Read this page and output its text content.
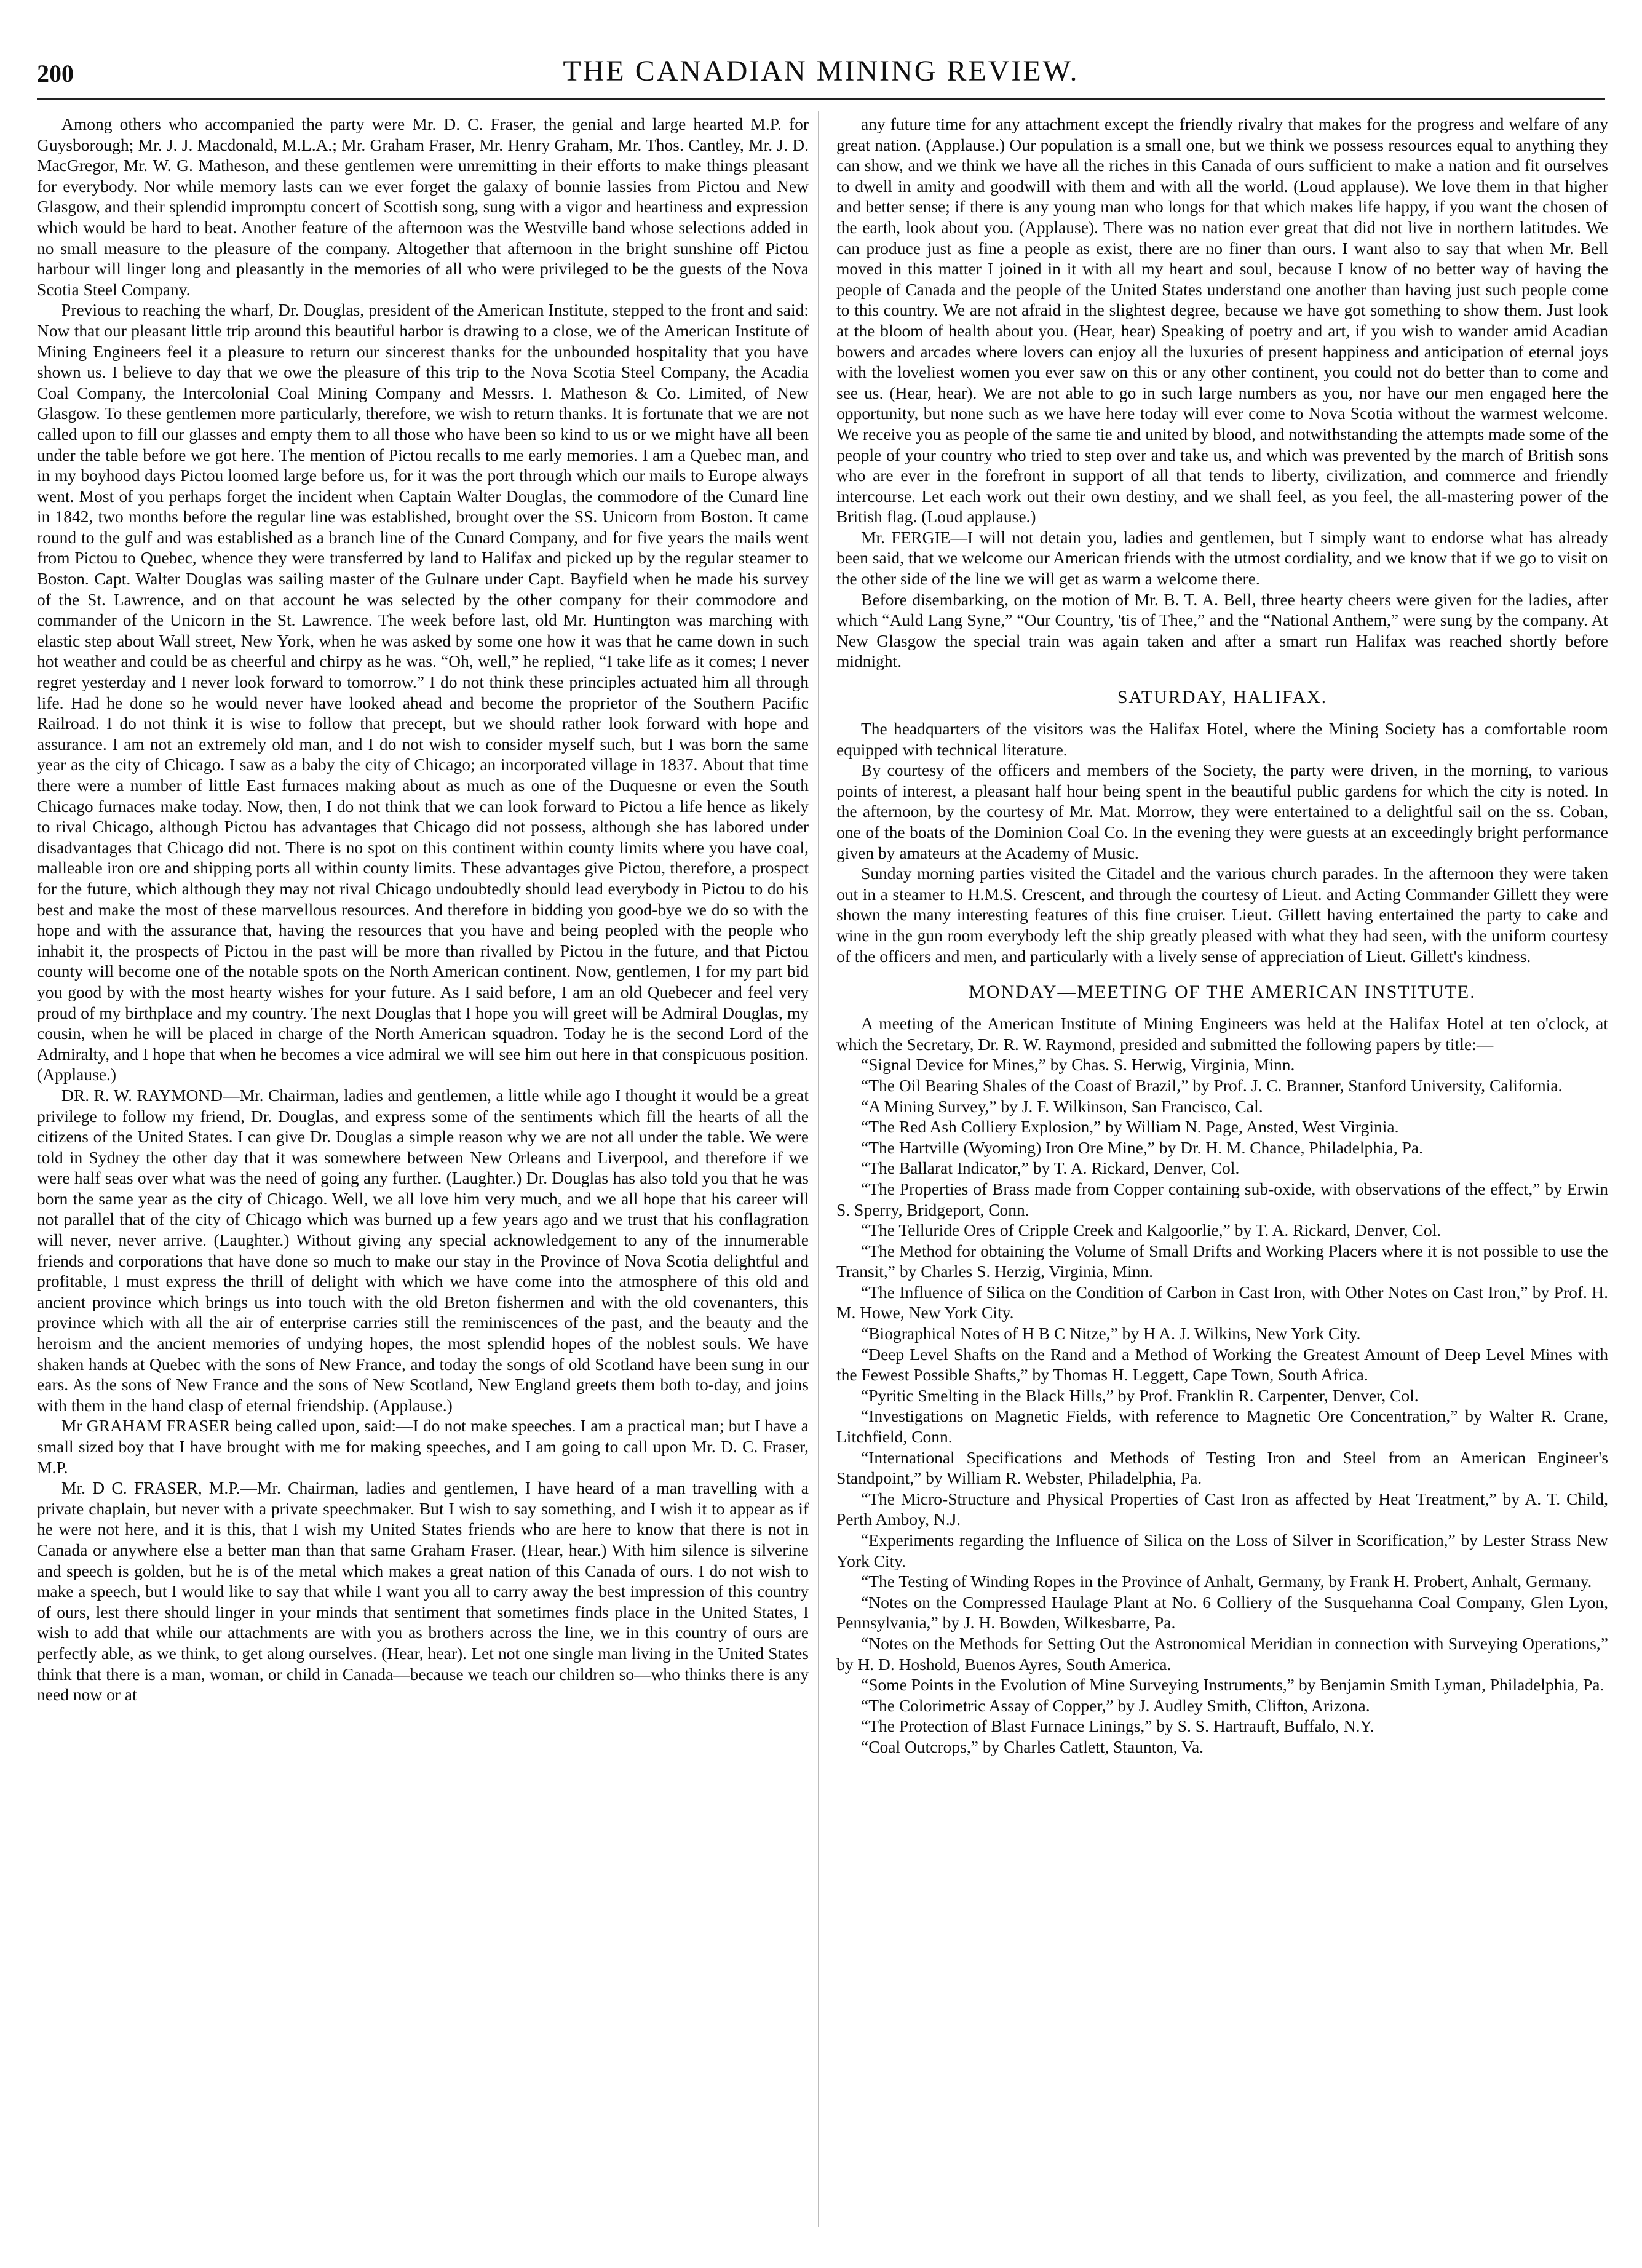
200	THE CANADIAN MINING REVIEW.

Among others who accompanied the party were Mr. D. C. Fraser, the genial and large hearted M.P. for Guysborough; Mr. J. J. Macdonald, M.L.A.; Mr. Graham Fraser, Mr. Henry Graham, Mr. Thos. Cantley, Mr. J. D. MacGregor, Mr. W. G. Matheson, and these gentlemen were unremitting in their efforts to make things pleasant for everybody. Nor while memory lasts can we ever forget the galaxy of bonnie lassies from Pictou and New Glasgow, and their splendid impromptu concert of Scottish song, sung with a vigor and heartiness and expression which would be hard to beat. Another feature of the afternoon was the Westville band whose selections added in no small measure to the pleasure of the company. Altogether that afternoon in the bright sunshine off Pictou harbour will linger long and pleasantly in the memories of all who were privileged to be the guests of the Nova Scotia Steel Company.

Previous to reaching the wharf, Dr. Douglas, president of the American Institute, stepped to the front and said: Now that our pleasant little trip around this beautiful harbor is drawing to a close, we of the American Institute of Mining Engineers feel it a pleasure to return our sincerest thanks for the unbounded hospitality that you have shown us. I believe to day that we owe the pleasure of this trip to the Nova Scotia Steel Company, the Acadia Coal Company, the Intercolonial Coal Mining Company and Messrs. I. Matheson & Co. Limited, of New Glasgow. To these gentlemen more particularly, therefore, we wish to return thanks. It is fortunate that we are not called upon to fill our glasses and empty them to all those who have been so kind to us or we might have all been under the table before we got here. The mention of Pictou recalls to me early memories. I am a Quebec man, and in my boyhood days Pictou loomed large before us, for it was the port through which our mails to Europe always went. Most of you perhaps forget the incident when Captain Walter Douglas, the commodore of the Cunard line in 1842, two months before the regular line was established, brought over the SS. Unicorn from Boston. It came round to the gulf and was established as a branch line of the Cunard Company, and for five years the mails went from Pictou to Quebec, whence they were transferred by land to Halifax and picked up by the regular steamer to Boston. Capt. Walter Douglas was sailing master of the Gulnare under Capt. Bayfield when he made his survey of the St. Lawrence, and on that account he was selected by the other company for their commodore and commander of the Unicorn in the St. Lawrence. The week before last, old Mr. Huntington was marching with elastic step about Wall street, New York, when he was asked by some one how it was that he came down in such hot weather and could be as cheerful and chirpy as he was. “Oh, well,” he replied, “I take life as it comes; I never regret yesterday and I never look forward to tomorrow.” I do not think these principles actuated him all through life. Had he done so he would never have looked ahead and become the proprietor of the Southern Pacific Railroad. I do not think it is wise to follow that precept, but we should rather look forward with hope and assurance. I am not an extremely old man, and I do not wish to consider myself such, but I was born the same year as the city of Chicago. I saw as a baby the city of Chicago; an incorporated village in 1837. About that time there were a number of little East furnaces making about as much as one of the Duquesne or even the South Chicago furnaces make today. Now, then, I do not think that we can look forward to Pictou a life hence as likely to rival Chicago, although Pictou has advantages that Chicago did not possess, although she has labored under disadvantages that Chicago did not. There is no spot on this continent within county limits where you have coal, malleable iron ore and shipping ports all within county limits. These advantages give Pictou, therefore, a prospect for the future, which although they may not rival Chicago undoubtedly should lead everybody in Pictou to do his best and make the most of these marvellous resources. And therefore in bidding you good-bye we do so with the hope and with the assurance that, having the resources that you have and being peopled with the people who inhabit it, the prospects of Pictou in the past will be more than rivalled by Pictou in the future, and that Pictou county will become one of the notable spots on the North American continent. Now, gentlemen, I for my part bid you good by with the most hearty wishes for your future. As I said before, I am an old Quebecer and feel very proud of my birthplace and my country. The next Douglas that I hope you will greet will be Admiral Douglas, my cousin, when he will be placed in charge of the North American squadron. Today he is the second Lord of the Admiralty, and I hope that when he becomes a vice admiral we will see him out here in that conspicuous position. (Applause.)

DR. R. W. RAYMOND—Mr. Chairman, ladies and gentlemen, a little while ago I thought it would be a great privilege to follow my friend, Dr. Douglas, and express some of the sentiments which fill the hearts of all the citizens of the United States. I can give Dr. Douglas a simple reason why we are not all under the table. We were told in Sydney the other day that it was somewhere between New Orleans and Liverpool, and therefore if we were half seas over what was the need of going any further. (Laughter.) Dr. Douglas has also told you that he was born the same year as the city of Chicago. Well, we all love him very much, and we all hope that his career will not parallel that of the city of Chicago which was burned up a few years ago and we trust that his conflagration will never, never arrive. (Laughter.) Without giving any special acknowledgement to any of the innumerable friends and corporations that have done so much to make our stay in the Province of Nova Scotia delightful and profitable, I must express the thrill of delight with which we have come into the atmosphere of this old and ancient province which brings us into touch with the old Breton fishermen and with the old covenanters, this province which with all the air of enterprise carries still the reminiscences of the past, and the beauty and the heroism and the ancient memories of undying hopes, the most splendid hopes of the noblest souls. We have shaken hands at Quebec with the sons of New France, and today the songs of old Scotland have been sung in our ears. As the sons of New France and the sons of New Scotland, New England greets them both to-day, and joins with them in the hand clasp of eternal friendship. (Applause.)

Mr GRAHAM FRASER being called upon, said:—I do not make speeches. I am a practical man; but I have a small sized boy that I have brought with me for making speeches, and I am going to call upon Mr. D. C. Fraser, M.P.

Mr. D C. FRASER, M.P.—Mr. Chairman, ladies and gentlemen, I have heard of a man travelling with a private chaplain, but never with a private speechmaker. But I wish to say something, and I wish it to appear as if he were not here, and it is this, that I wish my United States friends who are here to know that there is not in Canada or anywhere else a better man than that same Graham Fraser. (Hear, hear.) With him silence is silverine and speech is golden, but he is of the metal which makes a great nation of this Canada of ours. I do not wish to make a speech, but I would like to say that while I want you all to carry away the best impression of this country of ours, lest there should linger in your minds that sentiment that sometimes finds place in the United States, I wish to add that while our attachments are with you as brothers across the line, we in this country of ours are perfectly able, as we think, to get along ourselves. (Hear, hear). Let not one single man living in the United States think that there is a man, woman, or child in Canada—because we teach our children so—who thinks there is any need now or at

any future time for any attachment except the friendly rivalry that makes for the progress and welfare of any great nation. (Applause.) Our population is a small one, but we think we possess resources equal to anything they can show, and we think we have all the riches in this Canada of ours sufficient to make a nation and fit ourselves to dwell in amity and goodwill with them and with all the world. (Loud applause). We love them in that higher and better sense; if there is any young man who longs for that which makes life happy, if you want the chosen of the earth, look about you. (Applause). There was no nation ever great that did not live in northern latitudes. We can produce just as fine a people as exist, there are no finer than ours. I want also to say that when Mr. Bell moved in this matter I joined in it with all my heart and soul, because I know of no better way of having the people of Canada and the people of the United States understand one another than having just such people come to this country. We are not afraid in the slightest degree, because we have got something to show them. Just look at the bloom of health about you. (Hear, hear) Speaking of poetry and art, if you wish to wander amid Acadian bowers and arcades where lovers can enjoy all the luxuries of present happiness and anticipation of eternal joys with the loveliest women you ever saw on this or any other continent, you could not do better than to come and see us. (Hear, hear). We are not able to go in such large numbers as you, nor have our men engaged here the opportunity, but none such as we have here today will ever come to Nova Scotia without the warmest welcome. We receive you as people of the same tie and united by blood, and notwithstanding the attempts made some of the people of your country who tried to step over and take us, and which was prevented by the march of British sons who are ever in the forefront in support of all that tends to liberty, civilization, and commerce and friendly intercourse. Let each work out their own destiny, and we shall feel, as you feel, the all-mastering power of the British flag. (Loud applause.)

Mr. FERGIE—I will not detain you, ladies and gentlemen, but I simply want to endorse what has already been said, that we welcome our American friends with the utmost cordiality, and we know that if we go to visit on the other side of the line we will get as warm a welcome there.

Before disembarking, on the motion of Mr. B. T. A. Bell, three hearty cheers were given for the ladies, after which “Auld Lang Syne,” “Our Country, 'tis of Thee,” and the “National Anthem,” were sung by the company. At New Glasgow the special train was again taken and after a smart run Halifax was reached shortly before midnight.

SATURDAY, HALIFAX.

The headquarters of the visitors was the Halifax Hotel, where the Mining Society has a comfortable room equipped with technical literature.

By courtesy of the officers and members of the Society, the party were driven, in the morning, to various points of interest, a pleasant half hour being spent in the beautiful public gardens for which the city is noted. In the afternoon, by the courtesy of Mr. Mat. Morrow, they were entertained to a delightful sail on the ss. Coban, one of the boats of the Dominion Coal Co. In the evening they were guests at an exceedingly bright performance given by amateurs at the Academy of Music.

Sunday morning parties visited the Citadel and the various church parades. In the afternoon they were taken out in a steamer to H.M.S. Crescent, and through the courtesy of Lieut. and Acting Commander Gillett they were shown the many interesting features of this fine cruiser. Lieut. Gillett having entertained the party to cake and wine in the gun room everybody left the ship greatly pleased with what they had seen, with the uniform courtesy of the officers and men, and particularly with a lively sense of appreciation of Lieut. Gillett's kindness.

MONDAY—MEETING OF THE AMERICAN INSTITUTE.

A meeting of the American Institute of Mining Engineers was held at the Halifax Hotel at ten o'clock, at which the Secretary, Dr. R. W. Raymond, presided and submitted the following papers by title:—

“Signal Device for Mines,” by Chas. S. Herwig, Virginia, Minn.

“The Oil Bearing Shales of the Coast of Brazil,” by Prof. J. C. Branner, Stanford University, California.

“A Mining Survey,” by J. F. Wilkinson, San Francisco, Cal.

“The Red Ash Colliery Explosion,” by William N. Page, Ansted, West Virginia.

“The Hartville (Wyoming) Iron Ore Mine,” by Dr. H. M. Chance, Philadelphia, Pa.

“The Ballarat Indicator,” by T. A. Rickard, Denver, Col.

“The Properties of Brass made from Copper containing sub-oxide, with observations of the effect,” by Erwin S. Sperry, Bridgeport, Conn.

“The Telluride Ores of Cripple Creek and Kalgoorlie,” by T. A. Rickard, Denver, Col.

“The Method for obtaining the Volume of Small Drifts and Working Placers where it is not possible to use the Transit,” by Charles S. Herzig, Virginia, Minn.

“The Influence of Silica on the Condition of Carbon in Cast Iron, with Other Notes on Cast Iron,” by Prof. H. M. Howe, New York City.

“Biographical Notes of H B C Nitze,” by H A. J. Wilkins, New York City.

“Deep Level Shafts on the Rand and a Method of Working the Greatest Amount of Deep Level Mines with the Fewest Possible Shafts,” by Thomas H. Leggett, Cape Town, South Africa.

“Pyritic Smelting in the Black Hills,” by Prof. Franklin R. Carpenter, Denver, Col.

“Investigations on Magnetic Fields, with reference to Magnetic Ore Concentration,” by Walter R. Crane, Litchfield, Conn.

“International Specifications and Methods of Testing Iron and Steel from an American Engineer's Standpoint,” by William R. Webster, Philadelphia, Pa.

“The Micro-Structure and Physical Properties of Cast Iron as affected by Heat Treatment,” by A. T. Child, Perth Amboy, N.J.

“Experiments regarding the Influence of Silica on the Loss of Silver in Scorification,” by Lester Strass New York City.

“The Testing of Winding Ropes in the Province of Anhalt, Germany, by Frank H. Probert, Anhalt, Germany.

“Notes on the Compressed Haulage Plant at No. 6 Colliery of the Susquehanna Coal Company, Glen Lyon, Pennsylvania,” by J. H. Bowden, Wilkesbarre, Pa.

“Notes on the Methods for Setting Out the Astronomical Meridian in connection with Surveying Operations,” by H. D. Hoshold, Buenos Ayres, South America.

“Some Points in the Evolution of Mine Surveying Instruments,” by Benjamin Smith Lyman, Philadelphia, Pa.

“The Colorimetric Assay of Copper,” by J. Audley Smith, Clifton, Arizona.

“The Protection of Blast Furnace Linings,” by S. S. Hartrauft, Buffalo, N.Y.

“Coal Outcrops,” by Charles Catlett, Staunton, Va.
